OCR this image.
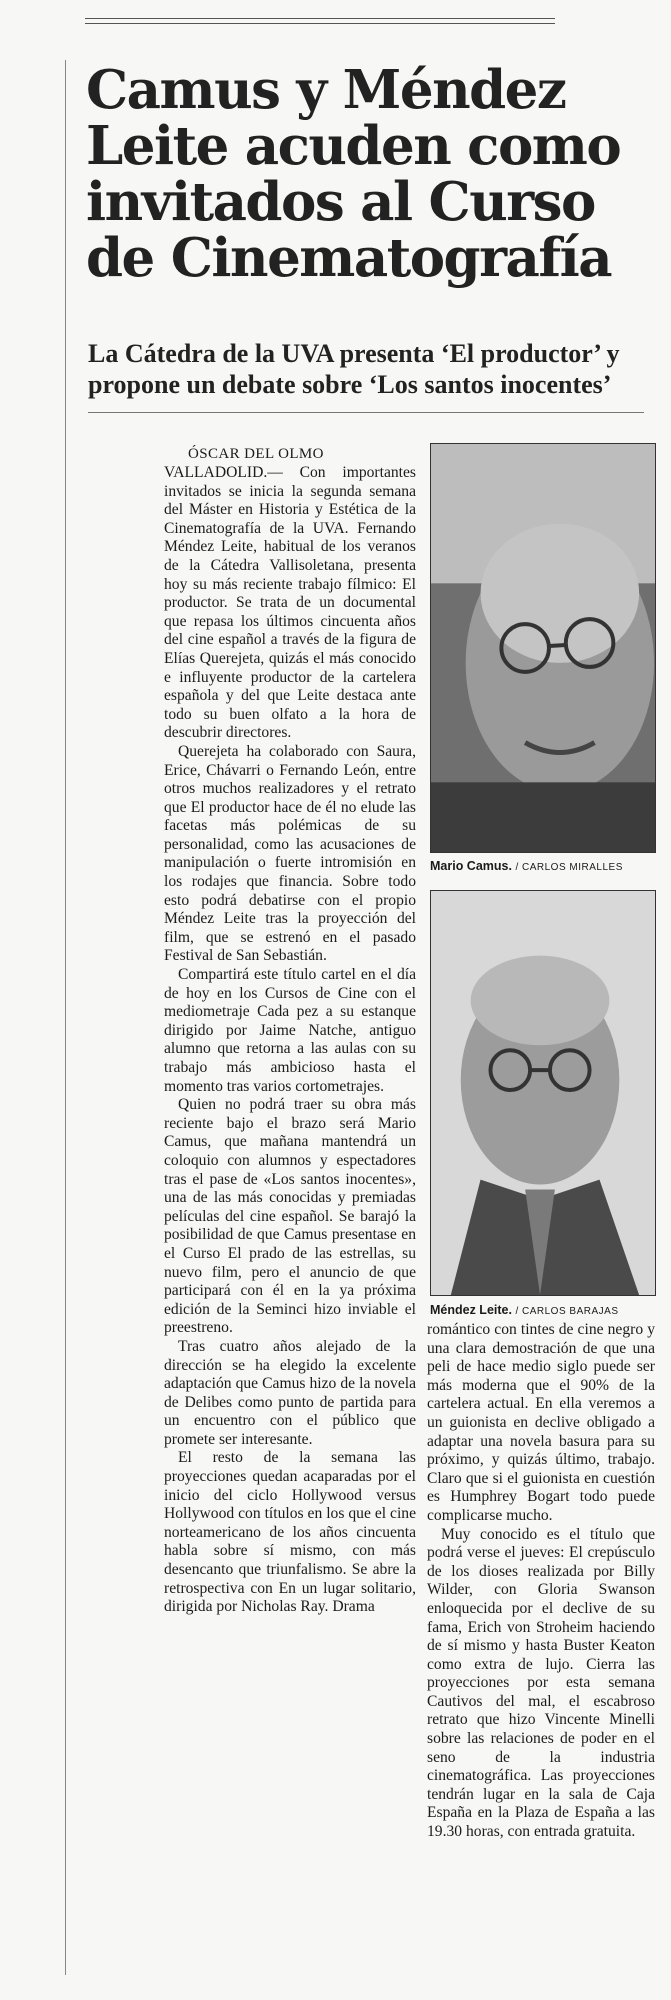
Camus y Méndez
Leite acuden como
invitados al Curso
de Cinematografía
La Cátedra de la UVA presenta ‘El productor’ y
propone un debate sobre ‘Los santos inocentes’
ÓSCAR DEL OLMO

VALLADOLID.— Con importantes invitados se inicia la segunda semana del Máster en Historia y Estética de la Cinematografía de la UVA. Fernando Méndez Leite, habitual de los veranos de la Cátedra Vallisoletana, presenta hoy su más reciente trabajo fílmico: El productor. Se trata de un documental que repasa los últimos cincuenta años del cine español a través de la figura de Elías Querejeta, quizás el más conocido e influyente productor de la cartelera española y del que Leite destaca ante todo su buen olfato a la hora de descubrir directores.

Querejeta ha colaborado con Saura, Erice, Chávarri o Fernando León, entre otros muchos realizadores y el retrato que El productor hace de él no elude las facetas más polémicas de su personalidad, como las acusaciones de manipulación o fuerte intromisión en los rodajes que financia. Sobre todo esto podrá debatirse con el propio Méndez Leite tras la proyección del film, que se estrenó en el pasado Festival de San Sebastián.

Compartirá este título cartel en el día de hoy en los Cursos de Cine con el mediometraje Cada pez a su estanque dirigido por Jaime Natche, antiguo alumno que retorna a las aulas con su trabajo más ambicioso hasta el momento tras varios cortometrajes.

Quien no podrá traer su obra más reciente bajo el brazo será Mario Camus, que mañana mantendrá un coloquio con alumnos y espectadores tras el pase de «Los santos inocentes», una de las más conocidas y premiadas películas del cine español. Se barajó la posibilidad de que Camus presentase en el Curso El prado de las estrellas, su nuevo film, pero el anuncio de que participará con él en la ya próxima edición de la Seminci hizo inviable el preestreno.

Tras cuatro años alejado de la dirección se ha elegido la excelente adaptación que Camus hizo de la novela de Delibes como punto de partida para un encuentro con el público que promete ser interesante.

El resto de la semana las proyecciones quedan acaparadas por el inicio del ciclo Hollywood versus Hollywood con títulos en los que el cine norteamericano de los años cincuenta habla sobre sí mismo, con más desencanto que triunfalismo. Se abre la retrospectiva con En un lugar solitario, dirigida por Nicholas Ray. Drama

Mario Camus. / CARLOS MIRALLES
Méndez Leite. / CARLOS BARAJAS

romántico con tintes de cine negro y una clara demostración de que una peli de hace medio siglo puede ser más moderna que el 90% de la cartelera actual. En ella veremos a un guionista en declive obligado a adaptar una novela basura para su próximo, y quizás último, trabajo. Claro que si el guionista en cuestión es Humphrey Bogart todo puede complicarse mucho.

Muy conocido es el título que podrá verse el jueves: El crepúsculo de los dioses realizada por Billy Wilder, con Gloria Swanson enloquecida por el declive de su fama, Erich von Stroheim haciendo de sí mismo y hasta Buster Keaton como extra de lujo. Cierra las proyecciones por esta semana Cautivos del mal, el escabroso retrato que hizo Vincente Minelli sobre las relaciones de poder en el seno de la industria cinematográfica. Las proyecciones tendrán lugar en la sala de Caja España en la Plaza de España a las 19.30 horas, con entrada gratuita.
